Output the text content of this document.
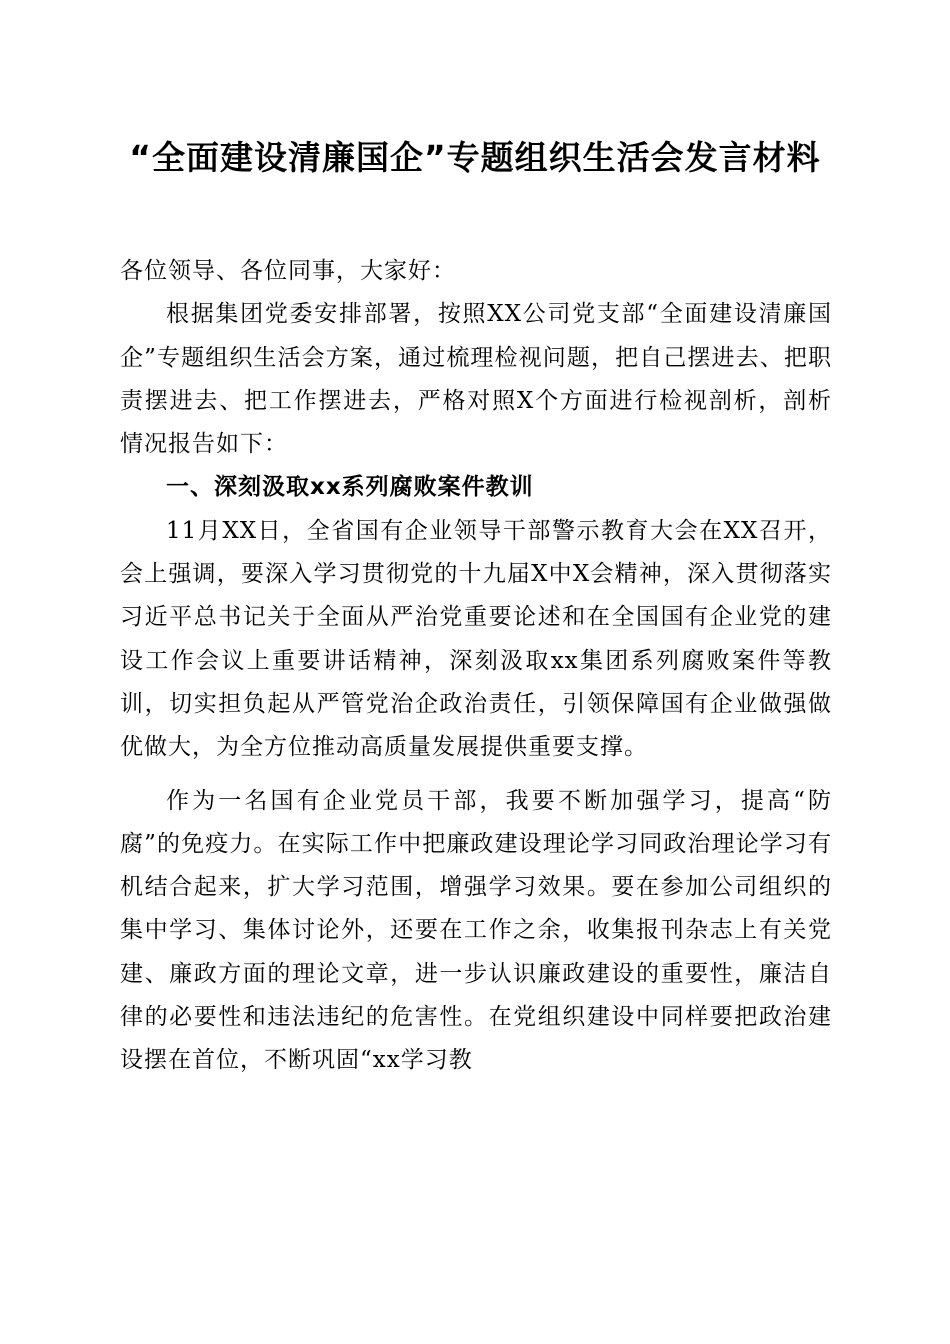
“全面建设清廉国企”专题组织生活会发言材料

各位领导、各位同事，大家好：

根据集团党委安排部署，按照XX公司党支部“全面建设清廉国企”专题组织生活会方案，通过梳理检视问题，把自己摆进去、把职责摆进去、把工作摆进去，严格对照X个方面进行检视剖析，剖析情况报告如下：

一、深刻汲取xx系列腐败案件教训

11月XX日，全省国有企业领导干部警示教育大会在XX召开，会上强调，要深入学习贯彻党的十九届X中X会精神，深入贯彻落实习近平总书记关于全面从严治党重要论述和在全国国有企业党的建设工作会议上重要讲话精神，深刻汲取xx集团系列腐败案件等教训，切实担负起从严管党治企政治责任，引领保障国有企业做强做优做大，为全方位推动高质量发展提供重要支撑。

作为一名国有企业党员干部，我要不断加强学习，提高“防腐”的免疫力。在实际工作中把廉政建设理论学习同政治理论学习有机结合起来，扩大学习范围，增强学习效果。要在参加公司组织的集中学习、集体讨论外，还要在工作之余，收集报刊杂志上有关党建、廉政方面的理论文章，进一步认识廉政建设的重要性，廉洁自律的必要性和违法违纪的危害性。在党组织建设中同样要把政治建设摆在首位，不断巩固“xx学习教
